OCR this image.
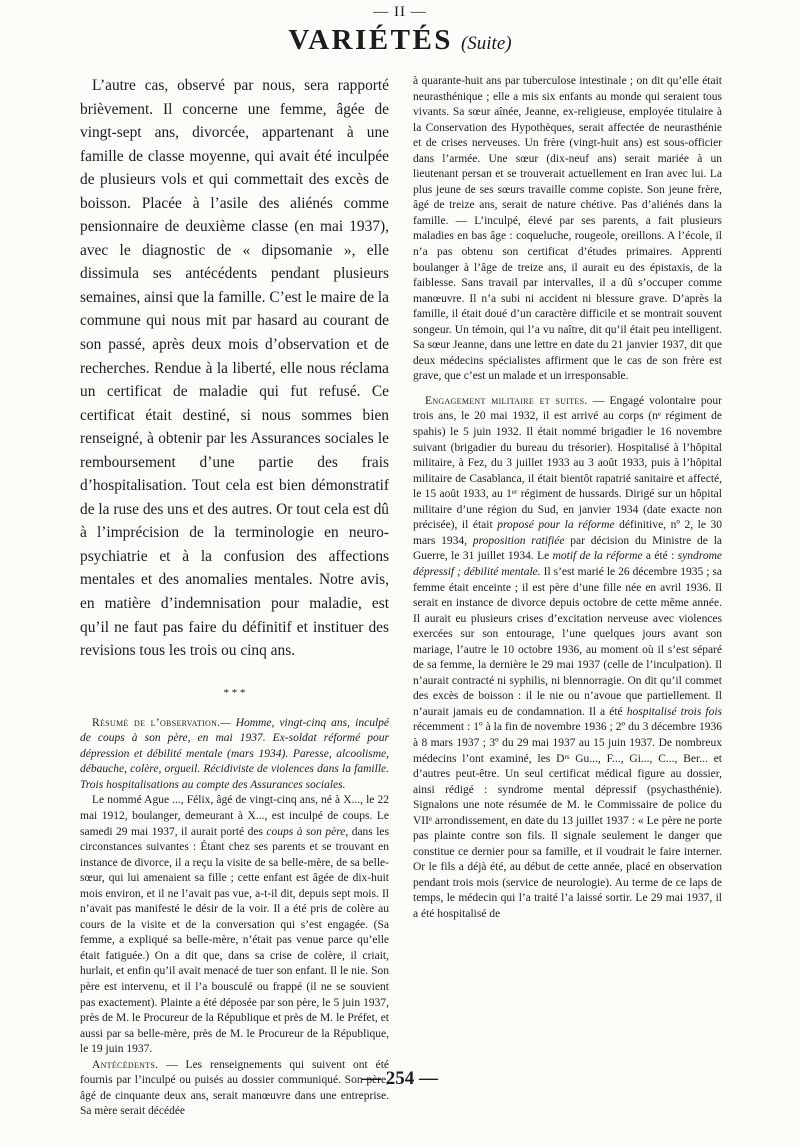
— II —
VARIÉTÉS (Suite)

L’autre cas, observé par nous, sera rapporté brièvement. Il concerne une femme, âgée de vingt-sept ans, divorcée, appartenant à une famille de classe moyenne, qui avait été inculpée de plusieurs vols et qui commettait des excès de boisson. Placée à l’asile des aliénés comme pensionnaire de deuxième classe (en mai 1937), avec le diagnostic de « dipsomanie », elle dissimula ses antécédents pendant plusieurs semaines, ainsi que la famille. C’est le maire de la commune qui nous mit par hasard au courant de son passé, après deux mois d’observation et de recherches. Rendue à la liberté, elle nous réclama un certificat de maladie qui fut refusé. Ce certificat était destiné, si nous sommes bien renseigné, à obtenir par les Assurances sociales le remboursement d’une partie des frais d’hospitalisation. Tout cela est bien démonstratif de la ruse des uns et des autres. Or tout cela est dû à l’imprécision de la terminologie en neuro-psychiatrie et à la confusion des affections mentales et des anomalies mentales. Notre avis, en matière d’indemnisation pour maladie, est qu’il ne faut pas faire du définitif et instituer des revisions tous les trois ou cinq ans.

* * *

Résumé de l’observation.— Homme, vingt-cinq ans, inculpé de coups à son père, en mai 1937. Ex-soldat réformé pour dépression et débilité mentale (mars 1934). Paresse, alcoolisme, débauche, colère, orgueil. Récidiviste de violences dans la famille. Trois hospitalisations au compte des Assurances sociales.

Le nommé Ague ..., Félix, âgé de vingt-cinq ans, né à X..., le 22 mai 1912, boulanger, demeurant à X..., est inculpé de coups. Le samedi 29 mai 1937, il aurait porté des coups à son père, dans les circonstances suivantes : Étant chez ses parents et se trouvant en instance de divorce, il a reçu la visite de sa belle-mère, de sa belle-sœur, qui lui amenaient sa fille ; cette enfant est âgée de dix-huit mois environ, et il ne l’avait pas vue, a-t-il dit, depuis sept mois. Il n’avait pas manifesté le désir de la voir. Il a été pris de colère au cours de la visite et de la conversation qui s’est engagée. (Sa femme, a expliqué sa belle-mère, n’était pas venue parce qu’elle était fatiguée.) On a dit que, dans sa crise de colère, il criait, hurlait, et enfin qu’il avait menacé de tuer son enfant. Il le nie. Son père est intervenu, et il l’a bousculé ou frappé (il ne se souvient pas exactement). Plainte a été déposée par son père, le 5 juin 1937, près de M. le Procureur de la République et près de M. le Préfet, et aussi par sa belle-mère, près de M. le Procureur de la République, le 19 juin 1937.

Antécédents. — Les renseignements qui suivent ont été fournis par l’inculpé ou puisés au dossier communiqué. Son père, âgé de cinquante deux ans, serait manœuvre dans une entreprise. Sa mère serait décédée

à quarante-huit ans par tuberculose intestinale ; on dit qu’elle était neurasthénique ; elle a mis six enfants au monde qui seraient tous vivants. Sa sœur aînée, Jeanne, ex-religieuse, employée titulaire à la Conservation des Hypothèques, serait affectée de neurasthénie et de crises nerveuses. Un frère (vingt-huit ans) est sous-officier dans l’armée. Une sœur (dix-neuf ans) serait mariée à un lieutenant persan et se trouverait actuellement en Iran avec lui. La plus jeune de ses sœurs travaille comme copiste. Son jeune frère, âgé de treize ans, serait de nature chétive. Pas d’aliénés dans la famille. — L’inculpé, élevé par ses parents, a fait plusieurs maladies en bas âge : coqueluche, rougeole, oreillons. A l’école, il n’a pas obtenu son certificat d’études primaires. Apprenti boulanger à l’âge de treize ans, il aurait eu des épistaxis, de la faiblesse. Sans travail par intervalles, il a dû s’occuper comme manœuvre. Il n’a subi ni accident ni blessure grave. D’après la famille, il était doué d’un caractère difficile et se montrait souvent songeur. Un témoin, qui l’a vu naître, dit qu’il était peu intelligent. Sa sœur Jeanne, dans une lettre en date du 21 janvier 1937, dit que deux médecins spécialistes affirment que le cas de son frère est grave, que c’est un malade et un irresponsable.

Engagement militaire et suites. — Engagé volontaire pour trois ans, le 20 mai 1932, il est arrivé au corps (nᵉ régiment de spahis) le 5 juin 1932. Il était nommé brigadier le 16 novembre suivant (brigadier du bureau du trésorier). Hospitalisé à l’hôpital militaire, à Fez, du 3 juillet 1933 au 3 août 1933, puis à l’hôpital militaire de Casablanca, il était bientôt rapatrié sanitaire et affecté, le 15 août 1933, au 1ᵉʳ régiment de hussards. Dirigé sur un hôpital militaire d’une région du Sud, en janvier 1934 (date exacte non précisée), il était proposé pour la réforme définitive, nº 2, le 30 mars 1934, proposition ratifiée par décision du Ministre de la Guerre, le 31 juillet 1934. Le motif de la réforme a été : syndrome dépressif ; débilité mentale. Il s’est marié le 26 décembre 1935 ; sa femme était enceinte ; il est père d’une fille née en avril 1936. Il serait en instance de divorce depuis octobre de cette même année. Il aurait eu plusieurs crises d’excitation nerveuse avec violences exercées sur son entourage, l’une quelques jours avant son mariage, l’autre le 10 octobre 1936, au moment où il s’est séparé de sa femme, la dernière le 29 mai 1937 (celle de l’inculpation). Il n’aurait contracté ni syphilis, ni blennorragie. On dit qu’il commet des excès de boisson : il le nie ou n’avoue que partiellement. Il n’aurait jamais eu de condamnation. Il a été hospitalisé trois fois récemment : 1º à la fin de novembre 1936 ; 2º du 3 décembre 1936 à 8 mars 1937 ; 3º du 29 mai 1937 au 15 juin 1937. De nombreux médecins l’ont examiné, les Dʳˢ Gu..., F..., Gi..., C..., Ber... et d’autres peut-être. Un seul certificat médical figure au dossier, ainsi rédigé : syndrome mental dépressif (psychasthénie). Signalons une note résumée de M. le Commissaire de police du VIIᵉ arrondissement, en date du 13 juillet 1937 : « Le père ne porte pas plainte contre son fils. Il signale seulement le danger que constitue ce dernier pour sa famille, et il voudrait le faire interner. Or le fils a déjà été, au début de cette année, placé en observation pendant trois mois (service de neurologie). Au terme de ce laps de temps, le médecin qui l’a traité l’a laissé sortir. Le 29 mai 1937, il a été hospitalisé de

— 254 —
